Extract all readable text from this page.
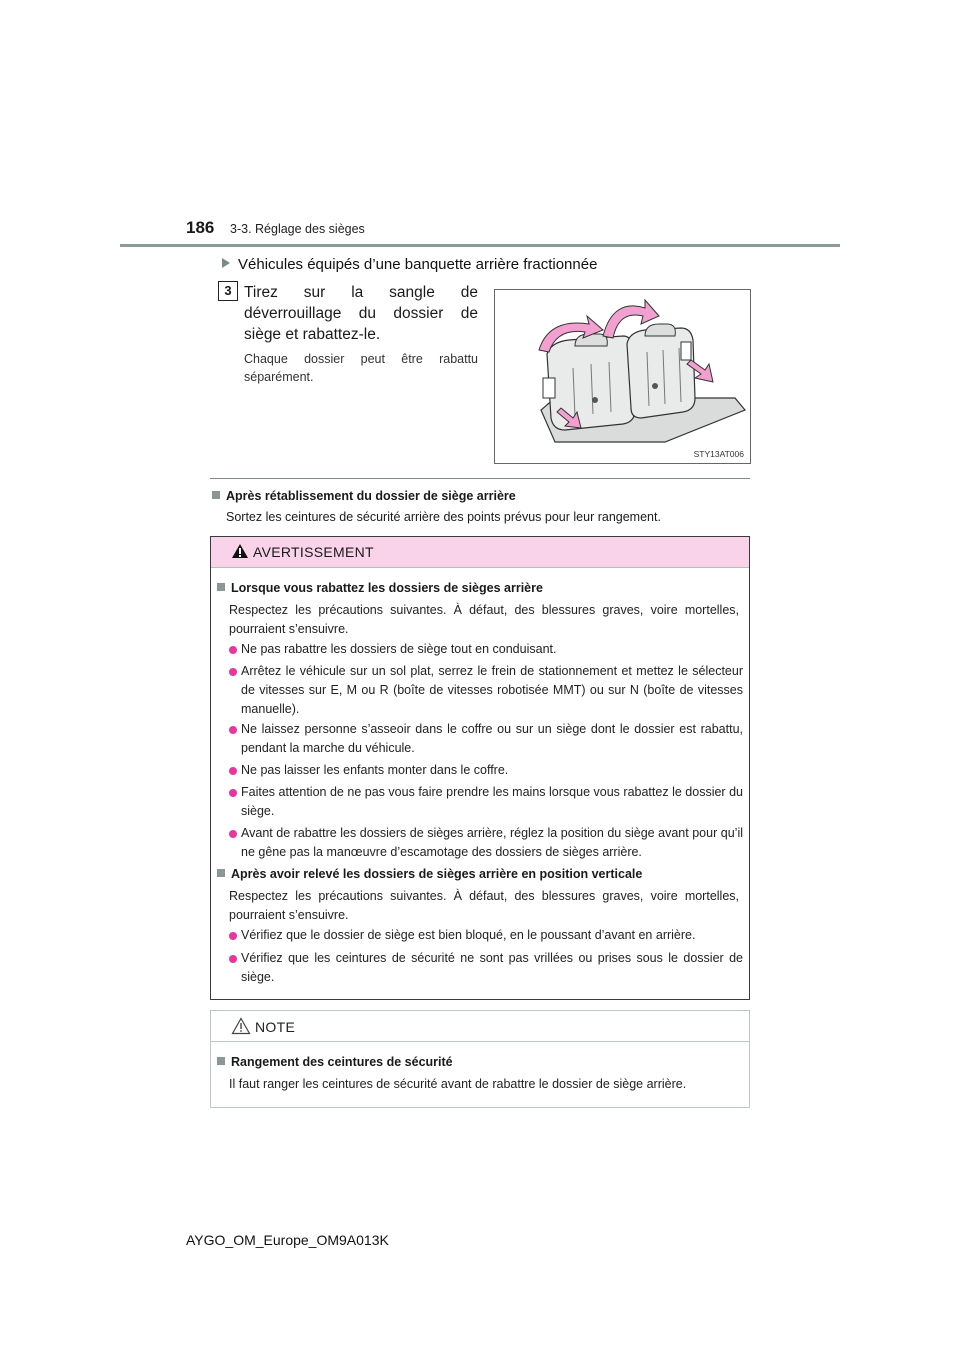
186 3-3. Réglage des sièges
Véhicules équipés d’une banquette arrière fractionnée
3 Tirez sur la sangle de déverrouillage du dossier de siège et rabattez-le.
Chaque dossier peut être rabattu séparément.
STY13AT006
Après rétablissement du dossier de siège arrière
Sortez les ceintures de sécurité arrière des points prévus pour leur rangement.
AVERTISSEMENT
Lorsque vous rabattez les dossiers de sièges arrière
Respectez les précautions suivantes. À défaut, des blessures graves, voire mortelles, pourraient s’ensuivre.
Ne pas rabattre les dossiers de siège tout en conduisant.
Arrêtez le véhicule sur un sol plat, serrez le frein de stationnement et mettez le sélecteur de vitesses sur E, M ou R (boîte de vitesses robotisée MMT) ou sur N (boîte de vitesses manuelle).
Ne laissez personne s’asseoir dans le coffre ou sur un siège dont le dossier est rabattu, pendant la marche du véhicule.
Ne pas laisser les enfants monter dans le coffre.
Faites attention de ne pas vous faire prendre les mains lorsque vous rabattez le dossier du siège.
Avant de rabattre les dossiers de sièges arrière, réglez la position du siège avant pour qu’il ne gêne pas la manœuvre d’escamotage des dossiers de sièges arrière.
Après avoir relevé les dossiers de sièges arrière en position verticale
Respectez les précautions suivantes. À défaut, des blessures graves, voire mortelles, pourraient s’ensuivre.
Vérifiez que le dossier de siège est bien bloqué, en le poussant d’avant en arrière.
Vérifiez que les ceintures de sécurité ne sont pas vrillées ou prises sous le dossier de siège.
NOTE
Rangement des ceintures de sécurité
Il faut ranger les ceintures de sécurité avant de rabattre le dossier de siège arrière.
AYGO_OM_Europe_OM9A013K
